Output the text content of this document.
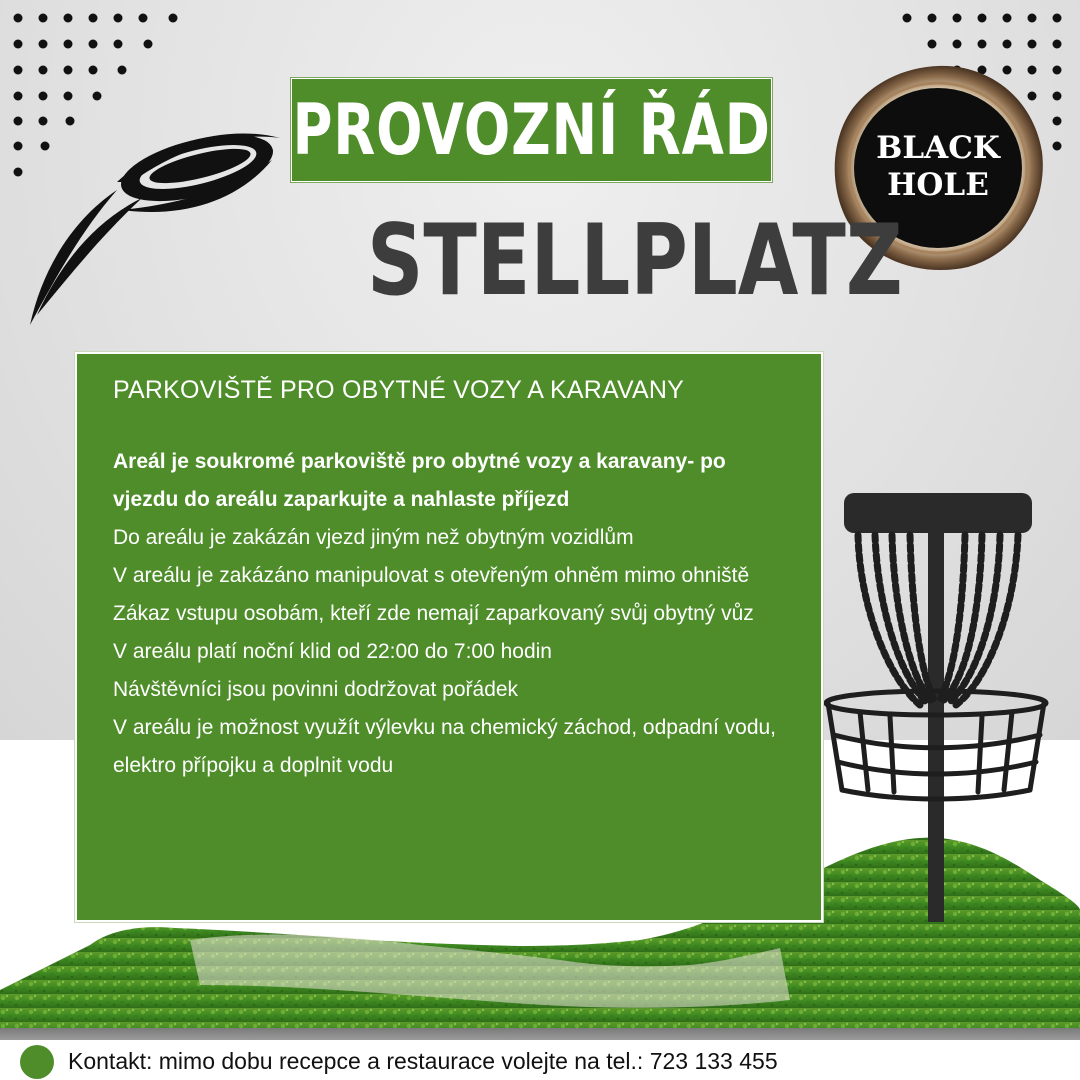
BLACK
HOLE
PROVOZNÍ ŘÁD
STELLPLATZ
PARKOVIŠTĚ PRO OBYTNÉ VOZY A KARAVANY

Areál je soukromé parkoviště pro obytné vozy a karavany- po vjezdu do areálu zaparkujte a nahlaste příjezd

Do areálu je zakázán vjezd jiným než obytným vozidlům
V areálu je zakázáno manipulovat s otevřeným ohněm mimo ohniště
Zákaz vstupu osobám, kteří zde nemají zaparkovaný svůj obytný vůz
V areálu platí noční klid od 22:00 do 7:00 hodin
Návštěvníci jsou povinni dodržovat pořádek
V areálu je možnost využít výlevku na chemický záchod, odpadní vodu, elektro přípojku a doplnit vodu
Kontakt: mimo dobu recepce a restaurace volejte na tel.: 723 133 455
